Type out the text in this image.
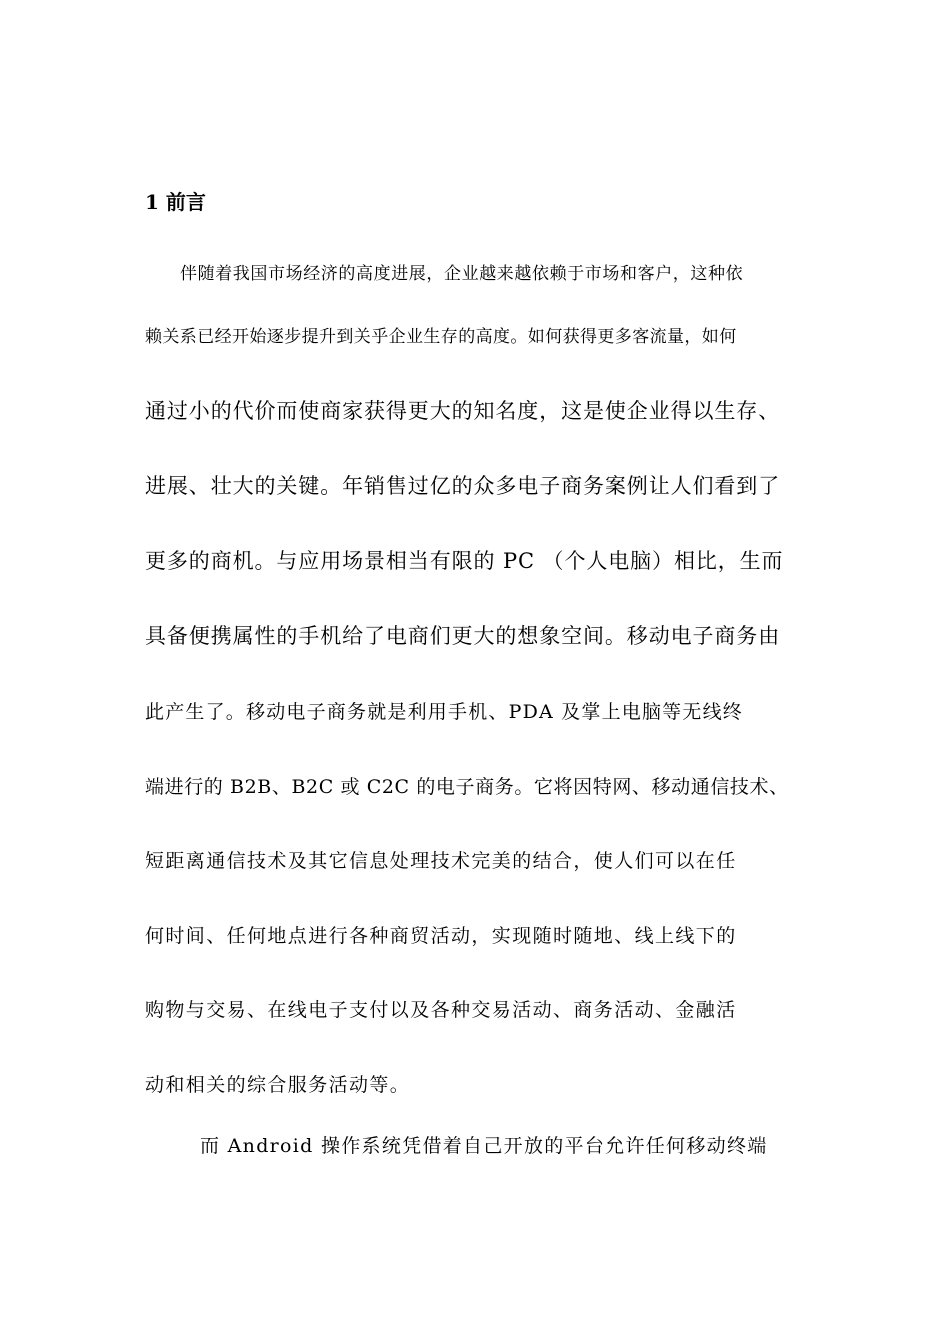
1 前言
伴随着我国市场经济的高度进展，企业越来越依赖于市场和客户，这种依
赖关系已经开始逐步提升到关乎企业生存的高度。如何获得更多客流量，如何
通过小的代价而使商家获得更大的知名度，这是使企业得以生存、
进展、壮大的关键。年销售过亿的众多电子商务案例让人们看到了
更多的商机。与应用场景相当有限的 PC （个人电脑）相比，生而
具备便携属性的手机给了电商们更大的想象空间。移动电子商务由
此产生了。移动电子商务就是利用手机、PDA 及掌上电脑等无线终
端进行的 B2B、B2C 或 C2C 的电子商务。它将因特网、移动通信技术、
短距离通信技术及其它信息处理技术完美的结合，使人们可以在任
何时间、任何地点进行各种商贸活动，实现随时随地、线上线下的
购物与交易、在线电子支付以及各种交易活动、商务活动、金融活
动和相关的综合服务活动等。
而 Android 操作系统凭借着自己开放的平台允许任何移动终端
